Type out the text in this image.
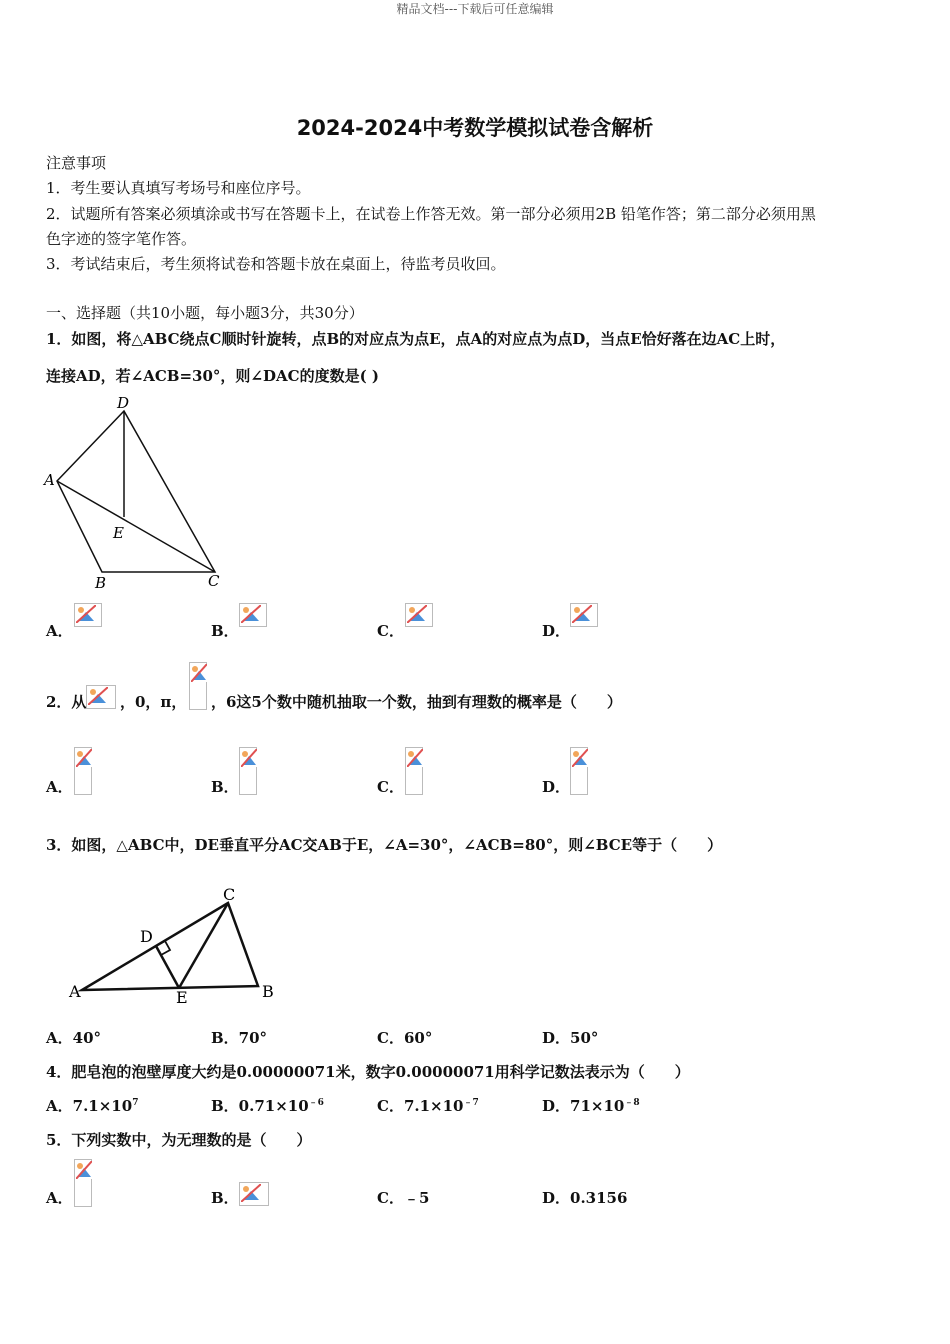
精品文档---下载后可任意编辑
2024-2024中考数学模拟试卷含解析
注意事项
1．考生要认真填写考场号和座位序号。
2．试题所有答案必须填涂或书写在答题卡上，在试卷上作答无效。第一部分必须用2B 铅笔作答；第二部分必须用黑
色字迹的签字笔作答。
3．考试结束后，考生须将试卷和答题卡放在桌面上，待监考员收回。
一、选择题（共10小题，每小题3分，共30分）
1．如图，将△ABC绕点C顺时针旋转，点B的对应点为点E，点A的对应点为点D，当点E恰好落在边AC上时，
连接AD，若∠ACB=30°，则∠DAC的度数是( )
D
A
E
B	C
A．	B．	C．	D．
2．从 ，0，π， ，6这5个数中随机抽取一个数，抽到有理数的概率是（　　）
A．	B．	C．	D．
3．如图，△ABC中，DE垂直平分AC交AB于E，∠A=30°，∠ACB=80°，则∠BCE等于（　　）
A	B
C
D
E
A．40°	B．70°	C．60°	D．50°
4．肥皂泡的泡壁厚度大约是0.00000071米，数字0.00000071用科学记数法表示为（　　）
A．$7.1\times 10^7$	B．$0.71\times 10^{﹣6}$	C．$7.1\times 10^{﹣7}$	D．$71\times 10^{﹣8}$
5．下列实数中，为无理数的是（　　）
A．	B．	C．﹣5	D．0.3156
